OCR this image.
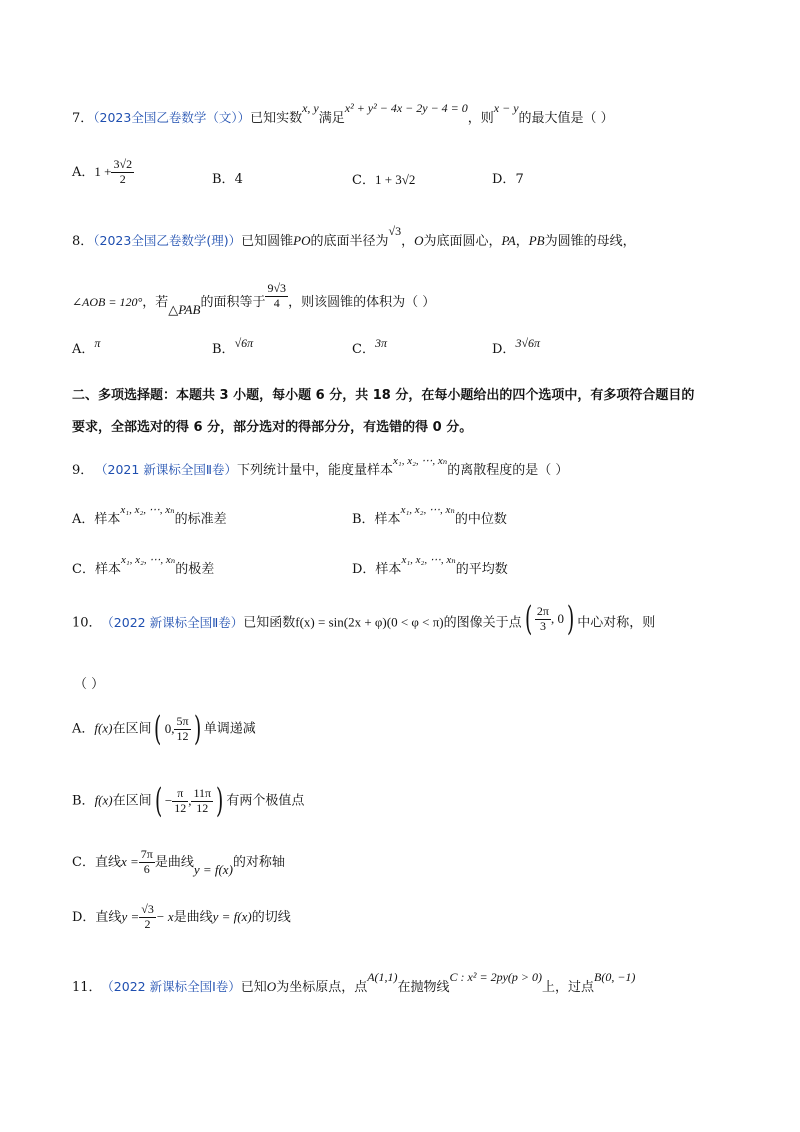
7．（2023全国乙卷数学（文））已知实数x, y满足x² + y² − 4x − 2y − 4 = 0，则x − y的最大值是（ ）
A．$1 + \frac{3√2}{2}$	B．4	C．1 + 3√2	D．7
8．（2023全国乙卷数学(理)）已知圆锥PO的底面半径为√3，O为底面圆心，PA，PB为圆锥的母线，
∠AOB = 120°，若△PAB的面积等于 $\frac{9√3}{4}$ ，则该圆锥的体积为（ ）
A．π	B．√6π	C．3π	D．3√6π
二、多项选择题：本题共 3 小题，每小题 6 分，共 18 分，在每小题给出的四个选项中，有多项符合题目的
要求，全部选对的得 6 分，部分选对的得部分分，有选错的得 0 分。
9． （2021 新课标全国Ⅱ卷）下列统计量中，能度量样本$^{x_1, x_2, \cdots, x_n}$的离散程度的是（ ）
A．样本$^{x_1, x_2, \cdots, x_n}$的标准差	B．样本$^{x_1, x_2, \cdots, x_n}$的中位数
C．样本$^{x_1, x_2, \cdots, x_n}$的极差	D．样本$^{x_1, x_2, \cdots, x_n}$的平均数
10． （2022 新课标全国Ⅱ卷）已知函数f(x) = sin(2x + φ)(0 < φ < π)的图像关于点 ( $\frac{2\pi}{3}$ , 0 ) 中心对称，则
（ ）
A．f(x)在区间 ( 0, $\frac{5\pi}{12}$ ) 单调递减
B．f(x)在区间 ( − $\frac{\pi}{12}$ , $\frac{11\pi}{12}$ ) 有两个极值点
C．直线$x = \frac{7\pi}{6}$ 是曲线y = f(x)的对称轴
D．直线$y = \frac{√3}{2} - x$是曲线y = f(x)的切线
11． （2022 新课标全国Ⅰ卷）已知O为坐标原点，点A(1,1)在抛物线C : x² = 2py(p > 0)上，过点B(0, −1)
